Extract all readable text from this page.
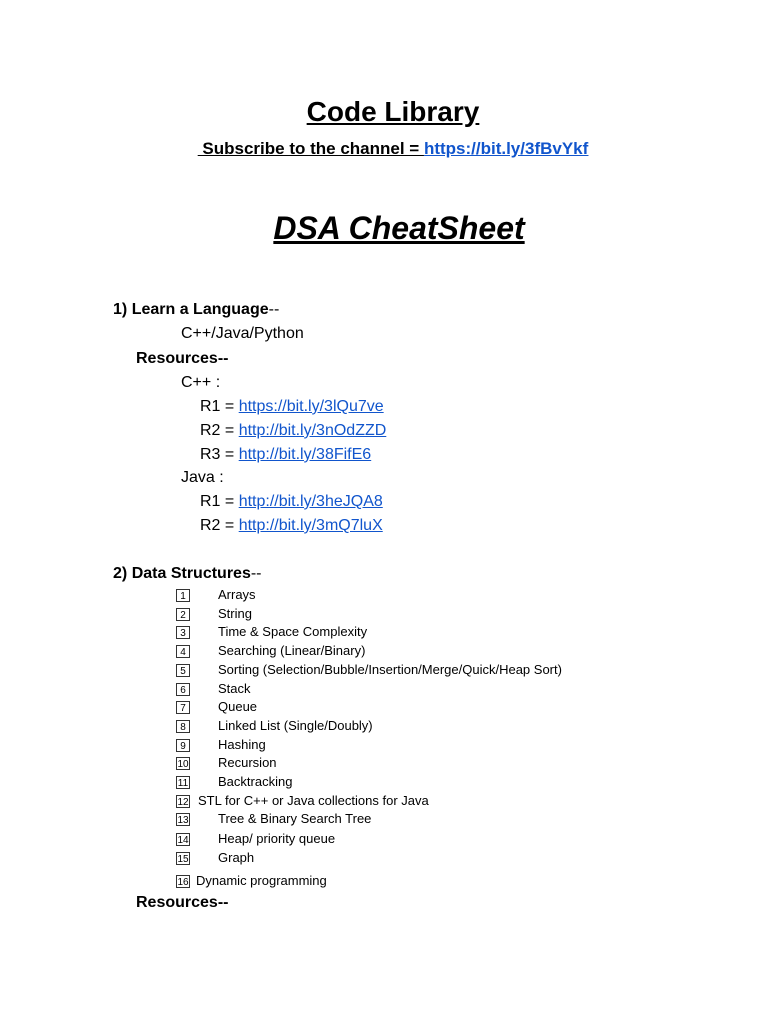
Code Library
Subscribe to the channel = https://bit.ly/3fBvYkf
DSA CheatSheet
1) Learn a Language--
C++/Java/Python
Resources--
C++ :
R1 = https://bit.ly/3lQu7ve
R2 = http://bit.ly/3nOdZZD
R3 = http://bit.ly/38FifE6
Java :
R1 = http://bit.ly/3heJQA8
R2 = http://bit.ly/3mQ7luX
2) Data Structures--
1 Arrays
2 String
3 Time & Space Complexity
4 Searching (Linear/Binary)
5 Sorting (Selection/Bubble/Insertion/Merge/Quick/Heap Sort)
6 Stack
7 Queue
8 Linked List (Single/Doubly)
9 Hashing
10 Recursion
11 Backtracking
12 STL for C++ or Java collections for Java
13 Tree & Binary Search Tree
14 Heap/ priority queue
15 Graph
16 Dynamic programming
Resources--
